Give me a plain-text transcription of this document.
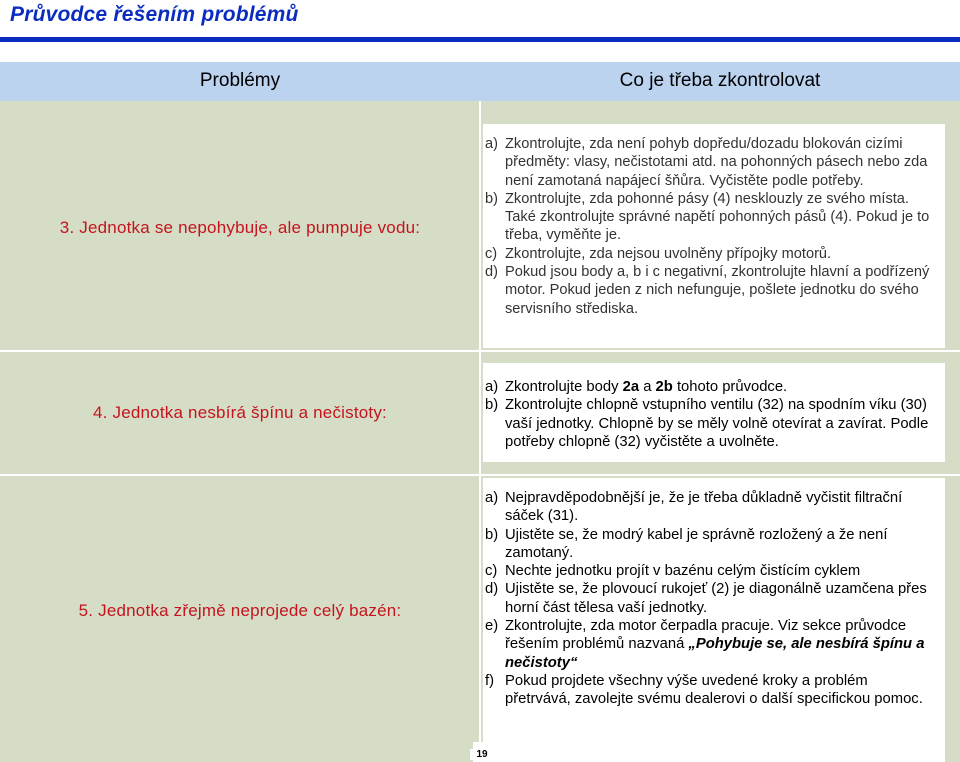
Průvodce řešením problémů
Problémy	Co je třeba zkontrolovat
3. Jednotka se nepohybuje, ale pumpuje vodu:
a) Zkontrolujte, zda není pohyb dopředu/dozadu blokován cizími předměty: vlasy, nečistotami atd. na pohonných pásech nebo zda není zamotaná napájecí šňůra. Vyčistěte podle potřeby.
b) Zkontrolujte, zda pohonné pásy (4) nesklouzly ze svého místa. Také zkontrolujte správné napětí pohonných pásů (4). Pokud je to třeba, vyměňte je.
c) Zkontrolujte, zda nejsou uvolněny přípojky motorů.
d) Pokud jsou body a, b i c negativní, zkontrolujte hlavní a podřízený motor. Pokud jeden z nich nefunguje, pošlete jednotku do svého servisního střediska.
4. Jednotka nesbírá špínu a nečistoty:
a) Zkontrolujte body 2a a 2b tohoto průvodce.
b) Zkontrolujte chlopně vstupního ventilu (32) na spodním víku (30) vaší jednotky. Chlopně by se měly volně otevírat a zavírat. Podle potřeby chlopně (32) vyčistěte a uvolněte.
5. Jednotka zřejmě neprojede celý bazén:
a) Nejpravděpodobnější je, že je třeba důkladně vyčistit filtrační sáček (31).
b) Ujistěte se, že modrý kabel je správně rozložený a že není zamotaný.
c) Nechte jednotku projít v bazénu celým čistícím cyklem
d) Ujistěte se, že plovoucí rukojeť (2) je diagonálně uzamčena přes horní část tělesa vaší jednotky.
e) Zkontrolujte, zda motor čerpadla pracuje. Viz sekce průvodce řešením problémů nazvaná „Pohybuje se, ale nesbírá špínu a nečistoty“
f) Pokud projdete všechny výše uvedené kroky a problém přetrvává, zavolejte svému dealerovi o další specifickou pomoc.
19
